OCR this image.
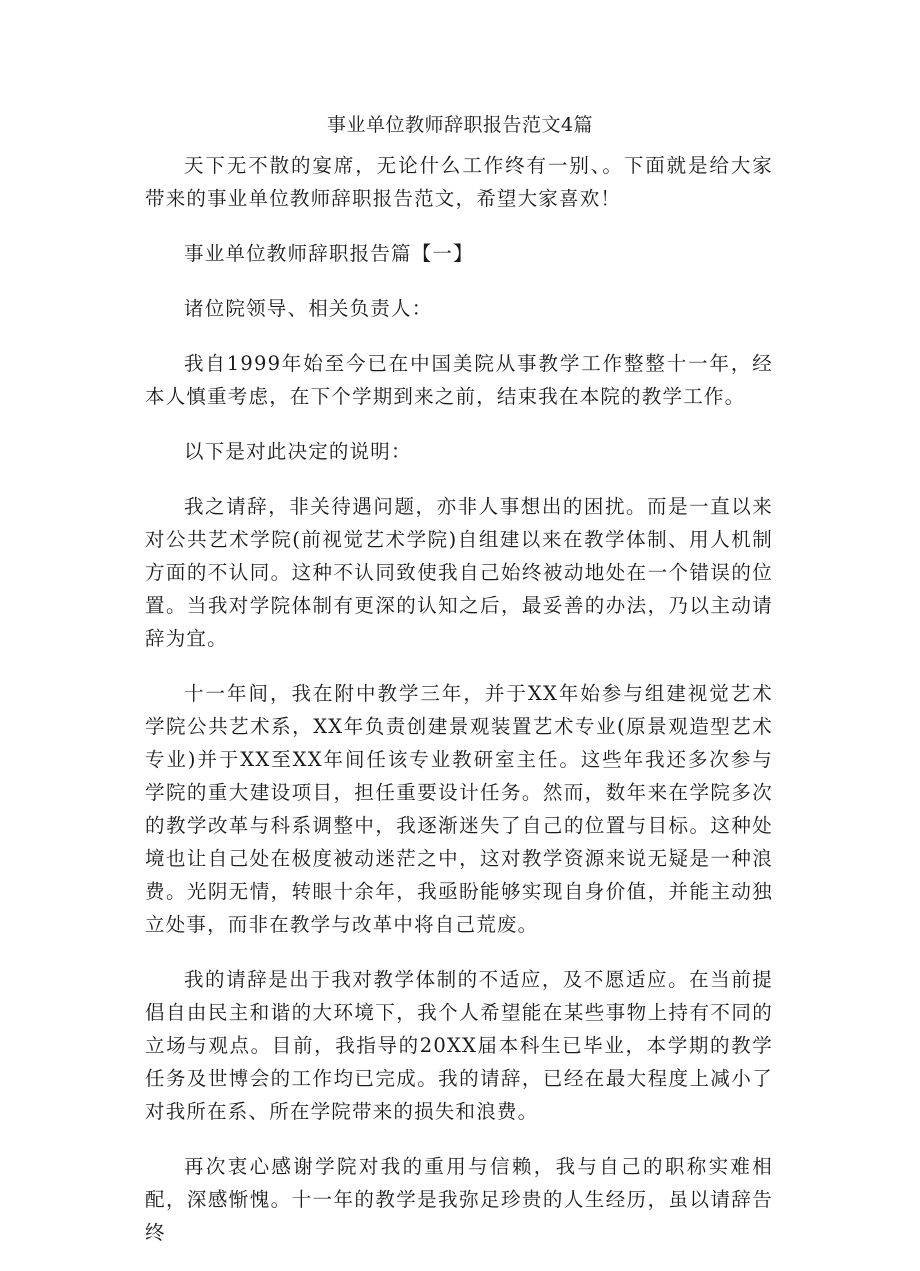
事业单位教师辞职报告范文4篇

天下无不散的宴席，无论什么工作终有一别、。下面就是给大家带来的事业单位教师辞职报告范文，希望大家喜欢！

事业单位教师辞职报告篇【一】

诸位院领导、相关负责人：

我自1999年始至今已在中国美院从事教学工作整整十一年，经本人慎重考虑，在下个学期到来之前，结束我在本院的教学工作。

以下是对此决定的说明：

我之请辞，非关待遇问题，亦非人事想出的困扰。而是一直以来对公共艺术学院(前视觉艺术学院)自组建以来在教学体制、用人机制方面的不认同。这种不认同致使我自己始终被动地处在一个错误的位置。当我对学院体制有更深的认知之后，最妥善的办法，乃以主动请辞为宜。

十一年间，我在附中教学三年，并于XX年始参与组建视觉艺术学院公共艺术系，XX年负责创建景观装置艺术专业(原景观造型艺术专业)并于XX至XX年间任该专业教研室主任。这些年我还多次参与学院的重大建设项目，担任重要设计任务。然而，数年来在学院多次的教学改革与科系调整中，我逐渐迷失了自己的位置与目标。这种处境也让自己处在极度被动迷茫之中，这对教学资源来说无疑是一种浪费。光阴无情，转眼十余年，我亟盼能够实现自身价值，并能主动独立处事，而非在教学与改革中将自己荒废。

我的请辞是出于我对教学体制的不适应，及不愿适应。在当前提倡自由民主和谐的大环境下，我个人希望能在某些事物上持有不同的立场与观点。目前，我指导的20XX届本科生已毕业，本学期的教学任务及世博会的工作均已完成。我的请辞，已经在最大程度上减小了对我所在系、所在学院带来的损失和浪费。

再次衷心感谢学院对我的重用与信赖，我与自己的职称实难相配，深感惭愧。十一年的教学是我弥足珍贵的人生经历，虽以请辞告终
